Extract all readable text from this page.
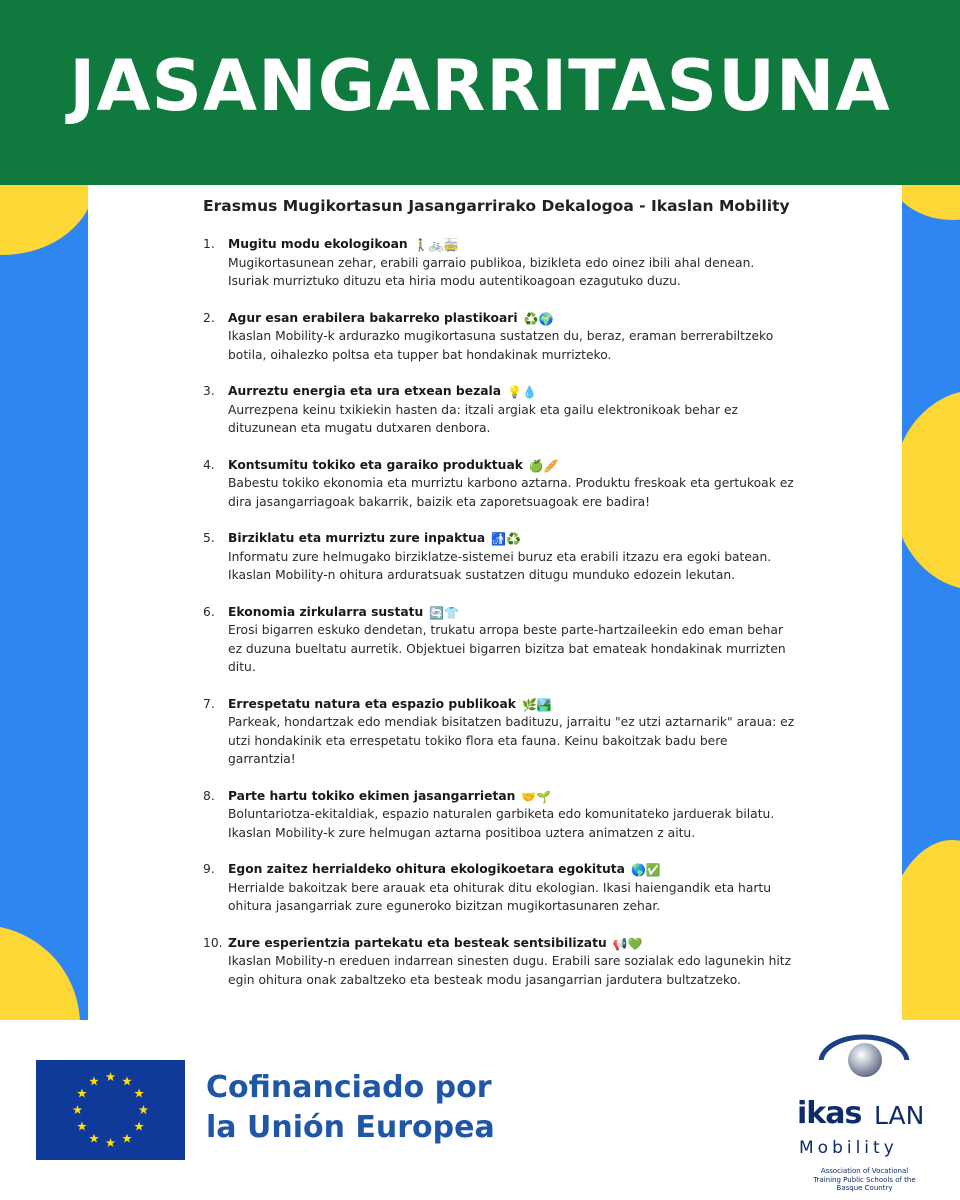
JASANGARRITASUNA
Erasmus Mugikortasun Jasangarrirako Dekalogoa - Ikaslan Mobility
1. Mugitu modu ekologikoan 🚶‍♂️🚲🚋
Mugikortasunean zehar, erabili garraio publikoa, bizikleta edo oinez ibili ahal denean. Isuriak murriztuko dituzu eta hiria modu autentikoagoan ezagutuko duzu.
2. Agur esan erabilera bakarreko plastikoari ♻️🌍
Ikaslan Mobility-k ardurazko mugikortasuna sustatzen du, beraz, eraman berrerabiltzeko botila, oihalezko poltsa eta tupper bat hondakinak murrizteko.
3. Aurreztu energia eta ura etxean bezala 💡💧
Aurrezpena keinu txikiekin hasten da: itzali argiak eta gailu elektronikoak behar ez dituzunean eta mugatu dutxaren denbora.
4. Kontsumitu tokiko eta garaiko produktuak 🍏🥖
Babestu tokiko ekonomia eta murriztu karbono aztarna. Produktu freskoak eta gertukoak ez dira jasangarriagoak bakarrik, baizik eta zaporetsuagoak ere badira!
5. Birziklatu eta murriztu zure inpaktua 🚮♻️
Informatu zure helmugako birziklatze-sistemei buruz eta erabili itzazu era egoki batean. Ikaslan Mobility-n ohitura arduratsuak sustatzen ditugu munduko edozein lekutan.
6. Ekonomia zirkularra sustatu 🔄👕
Erosi bigarren eskuko dendetan, trukatu arropa beste parte-hartzaileekin edo eman behar ez duzuna bueltatu aurretik. Objektuei bigarren bizitza bat emateak hondakinak murrizten ditu.
7. Errespetatu natura eta espazio publikoak 🌿🏞️
Parkeak, hondartzak edo mendiak bisitatzen badituzu, jarraitu "ez utzi aztarnarik" araua: ez utzi hondakinik eta errespetatu tokiko flora eta fauna. Keinu bakoitzak badu bere garrantzia!
8. Parte hartu tokiko ekimen jasangarrietan 🤝🌱
Boluntariotza-ekitaldiak, espazio naturalen garbiketa edo komunitateko jarduerak bilatu. Ikaslan Mobility-k zure helmugan aztarna positiboa uztera animatzen z aitu.
9. Egon zaitez herrialdeko ohitura ekologikoetara egokituta 🌎✅
Herrialde bakoitzak bere arauak eta ohiturak ditu ekologian. Ikasi haiengandik eta hartu ohitura jasangarriak zure eguneroko bizitzan mugikortasunaren zehar.
10. Zure esperientzia partekatu eta besteak sentsibilizatu 📢💚
Ikaslan Mobility-n ereduen indarrean sinesten dugu. Erabili sare sozialak edo lagunekin hitz egin ohitura onak zabaltzeko eta besteak modu jasangarrian jardutera bultzatzeko.
Cofinanciado por
la Unión Europea	ikas LAN
Mobility
Association of Vocational
Training Public Schools of the
Basque Country
